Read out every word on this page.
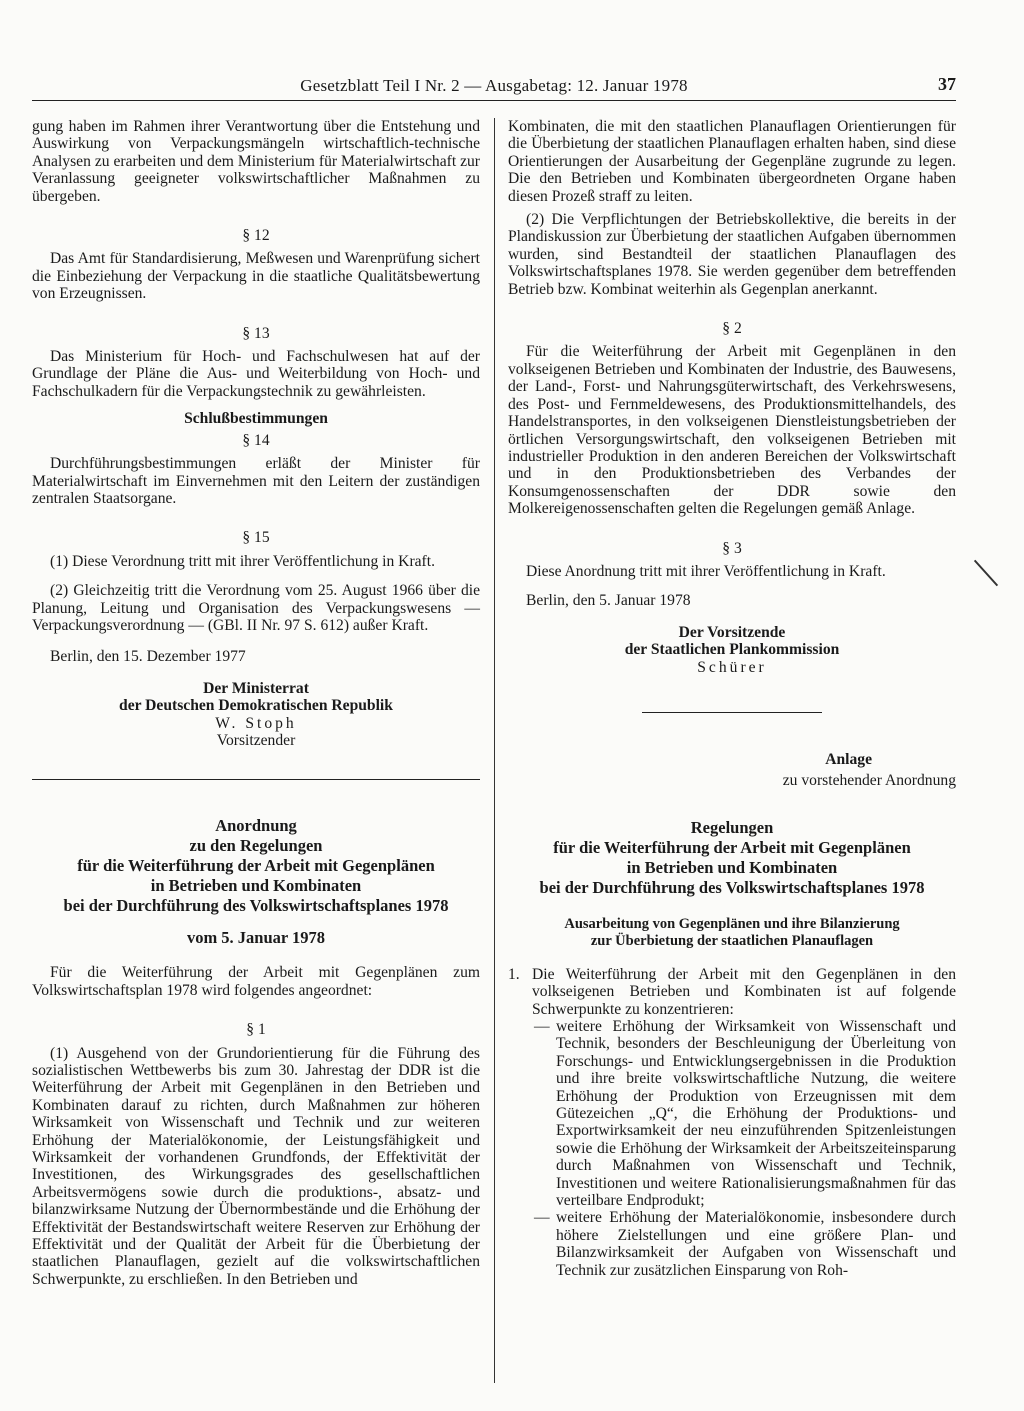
Gesetzblatt Teil I Nr. 2 — Ausgabetag: 12. Januar 1978	37

gung haben im Rahmen ihrer Verantwortung über die Entstehung und Auswirkung von Verpackungsmängeln wirtschaftlich-technische Analysen zu erarbeiten und dem Ministerium für Materialwirtschaft zur Veranlassung geeigneter volkswirtschaftlicher Maßnahmen zu übergeben.

§ 12

Das Amt für Standardisierung, Meßwesen und Warenprüfung sichert die Einbeziehung der Verpackung in die staatliche Qualitätsbewertung von Erzeugnissen.

§ 13

Das Ministerium für Hoch- und Fachschulwesen hat auf der Grundlage der Pläne die Aus- und Weiterbildung von Hoch- und Fachschulkadern für die Verpackungstechnik zu gewährleisten.

Schlußbestimmungen

§ 14

Durchführungsbestimmungen erläßt der Minister für Materialwirtschaft im Einvernehmen mit den Leitern der zuständigen zentralen Staatsorgane.

§ 15

(1) Diese Verordnung tritt mit ihrer Veröffentlichung in Kraft.

(2) Gleichzeitig tritt die Verordnung vom 25. August 1966 über die Planung, Leitung und Organisation des Verpackungswesens — Verpackungsverordnung — (GBl. II Nr. 97 S. 612) außer Kraft.

Berlin, den 15. Dezember 1977

Der Ministerrat

der Deutschen Demokratischen Republik

W. Stoph

Vorsitzender

Anordnung
zu den Regelungen
für die Weiterführung der Arbeit mit Gegenplänen
in Betrieben und Kombinaten
bei der Durchführung des Volkswirtschaftsplanes 1978
vom 5. Januar 1978

Für die Weiterführung der Arbeit mit Gegenplänen zum Volkswirtschaftsplan 1978 wird folgendes angeordnet:

§ 1

(1) Ausgehend von der Grundorientierung für die Führung des sozialistischen Wettbewerbs bis zum 30. Jahrestag der DDR ist die Weiterführung der Arbeit mit Gegenplänen in den Betrieben und Kombinaten darauf zu richten, durch Maßnahmen zur höheren Wirksamkeit von Wissenschaft und Technik und zur weiteren Erhöhung der Materialökonomie, der Leistungsfähigkeit und Wirksamkeit der vorhandenen Grundfonds, der Effektivität der Investitionen, des Wirkungsgrades des gesellschaftlichen Arbeitsvermögens sowie durch die produktions-, absatz- und bilanzwirksame Nutzung der Übernormbestände und die Erhöhung der Effektivität der Bestandswirtschaft weitere Reserven zur Erhöhung der Effektivität und der Qualität der Arbeit für die Überbietung der staatlichen Planauflagen, gezielt auf die volkswirtschaftlichen Schwerpunkte, zu erschließen. In den Betrieben und

Kombinaten, die mit den staatlichen Planauflagen Orientierungen für die Überbietung der staatlichen Planauflagen erhalten haben, sind diese Orientierungen der Ausarbeitung der Gegenpläne zugrunde zu legen. Die den Betrieben und Kombinaten übergeordneten Organe haben diesen Prozeß straff zu leiten.

(2) Die Verpflichtungen der Betriebskollektive, die bereits in der Plandiskussion zur Überbietung der staatlichen Aufgaben übernommen wurden, sind Bestandteil der staatlichen Planauflagen des Volkswirtschaftsplanes 1978. Sie werden gegenüber dem betreffenden Betrieb bzw. Kombinat weiterhin als Gegenplan anerkannt.

§ 2

Für die Weiterführung der Arbeit mit Gegenplänen in den volkseigenen Betrieben und Kombinaten der Industrie, des Bauwesens, der Land-, Forst- und Nahrungsgüterwirtschaft, des Verkehrswesens, des Post- und Fernmeldewesens, des Produktionsmittelhandels, des Handelstransportes, in den volkseigenen Dienstleistungsbetrieben der örtlichen Versorgungswirtschaft, den volkseigenen Betrieben mit industrieller Produktion in den anderen Bereichen der Volkswirtschaft und in den Produktionsbetrieben des Verbandes der Konsumgenossenschaften der DDR sowie den Molkereigenossenschaften gelten die Regelungen gemäß Anlage.

§ 3

Diese Anordnung tritt mit ihrer Veröffentlichung in Kraft.

Berlin, den 5. Januar 1978

Der Vorsitzende

der Staatlichen Plankommission

Schürer

Anlage

zu vorstehender Anordnung

Regelungen
für die Weiterführung der Arbeit mit Gegenplänen
in Betrieben und Kombinaten
bei der Durchführung des Volkswirtschaftsplanes 1978
Ausarbeitung von Gegenplänen und ihre Bilanzierung
zur Überbietung der staatlichen Planauflagen
1. Die Weiterführung der Arbeit mit den Gegenplänen in den volkseigenen Betrieben und Kombinaten ist auf folgende Schwerpunkte zu konzentrieren:
— weitere Erhöhung der Wirksamkeit von Wissenschaft und Technik, besonders der Beschleunigung der Überleitung von Forschungs- und Entwicklungsergebnissen in die Produktion und ihre breite volkswirtschaftliche Nutzung, die weitere Erhöhung der Produktion von Erzeugnissen mit dem Gütezeichen „Q“, die Erhöhung der Produktions- und Exportwirksamkeit der neu einzuführenden Spitzenleistungen sowie die Erhöhung der Wirksamkeit der Arbeitszeiteinsparung durch Maßnahmen von Wissenschaft und Technik, Investitionen und weitere Rationalisierungsmaßnahmen für das verteilbare Endprodukt;
— weitere Erhöhung der Materialökonomie, insbesondere durch höhere Zielstellungen und eine größere Plan- und Bilanzwirksamkeit der Aufgaben von Wissenschaft und Technik zur zusätzlichen Einsparung von Roh-
